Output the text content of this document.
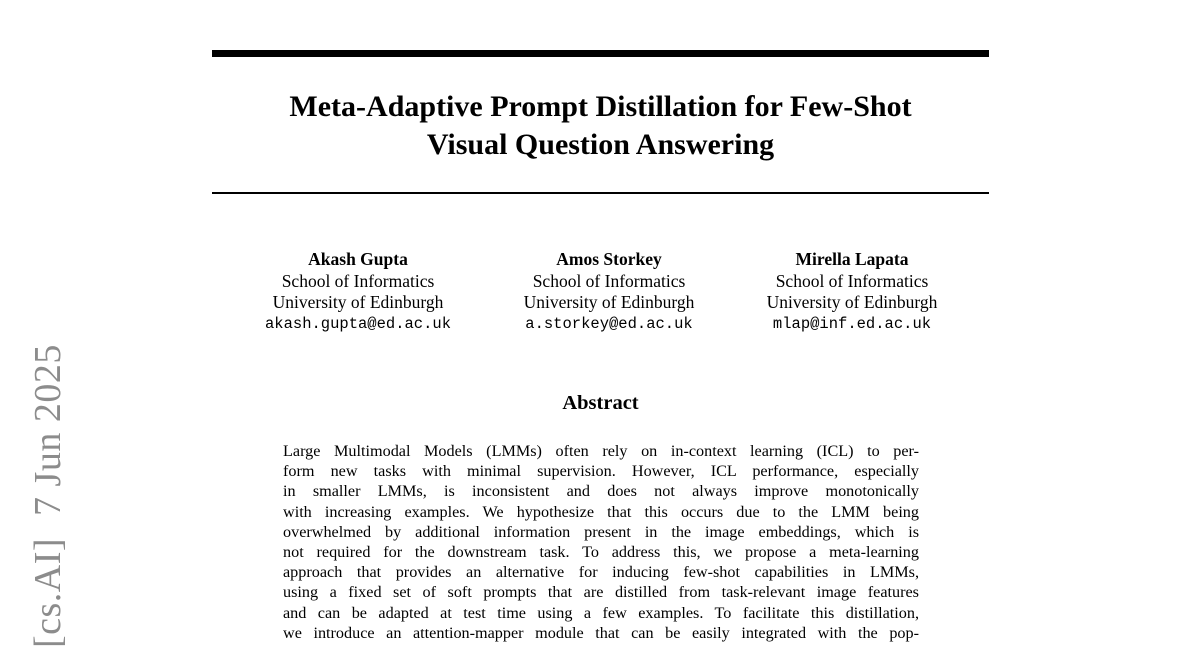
Meta-Adaptive Prompt Distillation for Few-Shot
Visual Question Answering
Akash Gupta
School of Informatics
University of Edinburgh
akash.gupta@ed.ac.uk
Amos Storkey
School of Informatics
University of Edinburgh
a.storkey@ed.ac.uk
Mirella Lapata
School of Informatics
University of Edinburgh
mlap@inf.ed.ac.uk
Abstract
Large Multimodal Models (LMMs) often rely on in-context learning (ICL) to per-
form new tasks with minimal supervision. However, ICL performance, especially
in smaller LMMs, is inconsistent and does not always improve monotonically
with increasing examples. We hypothesize that this occurs due to the LMM being
overwhelmed by additional information present in the image embeddings, which is
not required for the downstream task. To address this, we propose a meta-learning
approach that provides an alternative for inducing few-shot capabilities in LMMs,
using a fixed set of soft prompts that are distilled from task-relevant image features
and can be adapted at test time using a few examples. To facilitate this distillation,
we introduce an attention-mapper module that can be easily integrated with the pop-
[cs.AI]7 Jun 2025
